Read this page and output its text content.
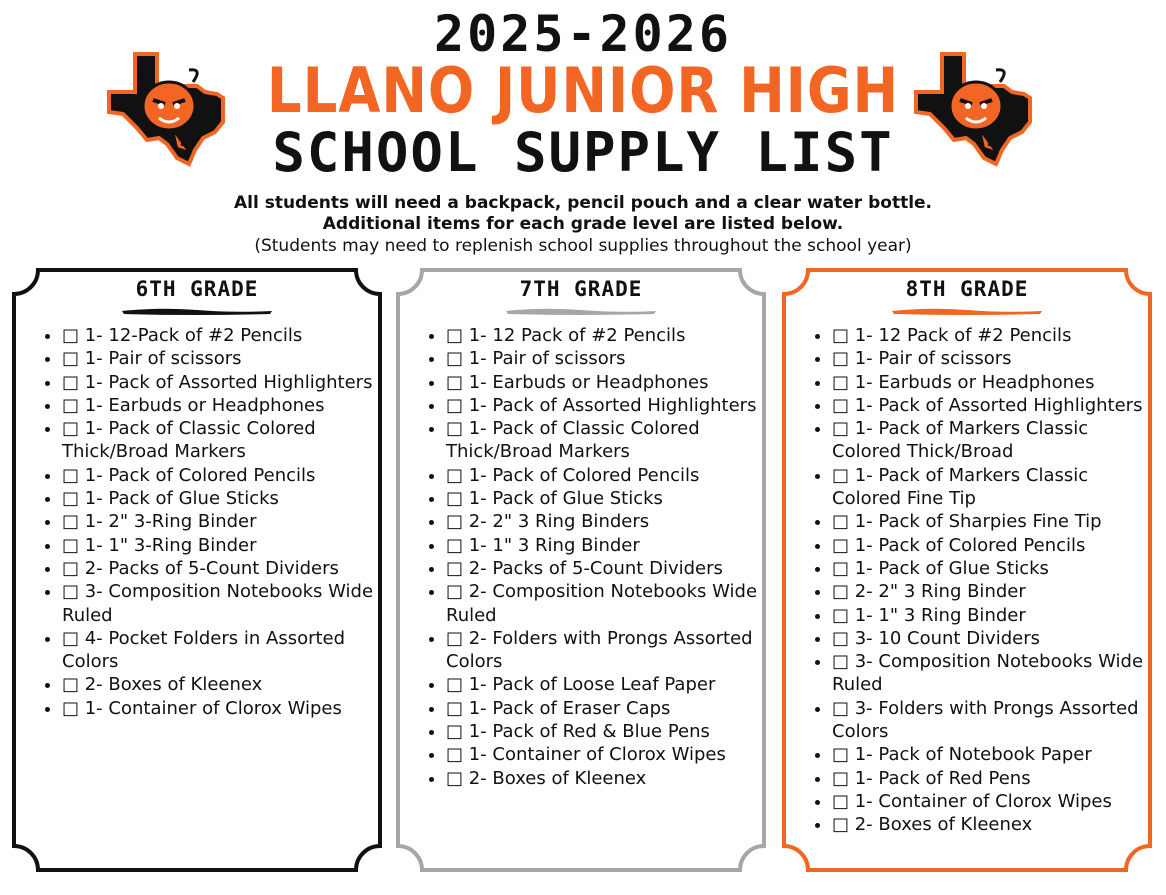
2025-2026
LLANO JUNIOR HIGH
SCHOOL SUPPLY LIST
All students will need a backpack, pencil pouch and a clear water bottle.
Additional items for each grade level are listed below.
(Students may need to replenish school supplies throughout the school year)
6TH GRADE
• □ 1- 12-Pack of #2 Pencils
• □ 1- Pair of scissors
• □ 1- Pack of Assorted Highlighters
• □ 1- Earbuds or Headphones
• □ 1- Pack of Classic Colored Thick/Broad Markers
• □ 1- Pack of Colored Pencils
• □ 1- Pack of Glue Sticks
• □ 1- 2" 3-Ring Binder
• □ 1- 1" 3-Ring Binder
• □ 2- Packs of 5-Count Dividers
• □ 3- Composition Notebooks Wide Ruled
• □ 4- Pocket Folders in Assorted Colors
• □ 2- Boxes of Kleenex
• □ 1- Container of Clorox Wipes
7TH GRADE
• □ 1- 12 Pack of #2 Pencils
• □ 1- Pair of scissors
• □ 1- Earbuds or Headphones
• □ 1- Pack of Assorted Highlighters
• □ 1- Pack of Classic Colored Thick/Broad Markers
• □ 1- Pack of Colored Pencils
• □ 1- Pack of Glue Sticks
• □ 2- 2" 3 Ring Binders
• □ 1- 1" 3 Ring Binder
• □ 2- Packs of 5-Count Dividers
• □ 2- Composition Notebooks Wide Ruled
• □ 2- Folders with Prongs Assorted Colors
• □ 1- Pack of Loose Leaf Paper
• □ 1- Pack of Eraser Caps
• □ 1- Pack of Red & Blue Pens
• □ 1- Container of Clorox Wipes
• □ 2- Boxes of Kleenex
8TH GRADE
• □ 1- 12 Pack of #2 Pencils
• □ 1- Pair of scissors
• □ 1- Earbuds or Headphones
• □ 1- Pack of Assorted Highlighters
• □ 1- Pack of Markers Classic Colored Thick/Broad
• □ 1- Pack of Markers Classic Colored Fine Tip
• □ 1- Pack of Sharpies Fine Tip
• □ 1- Pack of Colored Pencils
• □ 1- Pack of Glue Sticks
• □ 2- 2" 3 Ring Binder
• □ 1- 1" 3 Ring Binder
• □ 3- 10 Count Dividers
• □ 3- Composition Notebooks Wide Ruled
• □ 3- Folders with Prongs Assorted Colors
• □ 1- Pack of Notebook Paper
• □ 1- Pack of Red Pens
• □ 1- Container of Clorox Wipes
• □ 2- Boxes of Kleenex
